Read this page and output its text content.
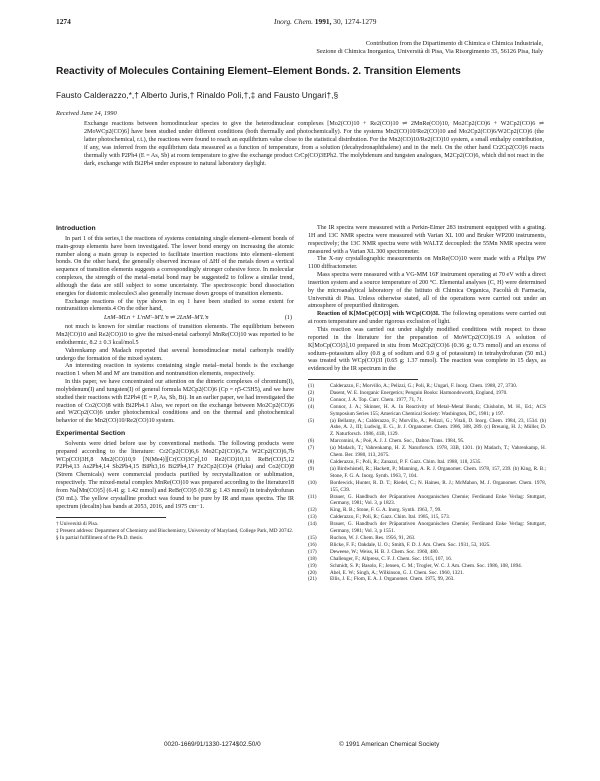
1274	Inorg. Chem. 1991, 30, 1274-1279
Contribution from the Dipartimento di Chimica e Chimica Industriale,
Sezione di Chimica Inorganica, Università di Pisa, Via Risorgimento 35, 56126 Pisa, Italy
Reactivity of Molecules Containing Element–Element Bonds. 2. Transition Elements
Fausto Calderazzo,*,† Alberto Juris,† Rinaldo Poli,†,‡ and Fausto Ungari†,§
Received June 14, 1990
Exchange reactions between homodinuclear species to give the heterodinuclear complexes [Mo2(CO)10 + Re2(CO)10 ⇌ 2MnRe(CO)10, Mo2Cp2(CO)6 + W2Cp2(CO)6 ⇌ 2MoWCp2(CO)6] have been studied under different conditions (both thermally and photochemically). For the systems Mn2(CO)10/Re2(CO)10 and Mo2Cp2(CO)6/W2Cp2(CO)6 (the latter photochemical, r.t.), the reactions were found to reach an equilibrium value close to the statistical distribution. For the Mn2(CO)10/Re2(CO)10 system, a small enthalpy contribution, if any, was inferred from the equilibrium data measured as a function of temperature, from a solution (decahydronaphthalene) and in the melt. On the other hand Cr2Cp2(CO)6 reacts thermally with P2Ph4 (E = As, Sb) at room temperature to give the exchange product CrCp(CO)3EPh2. The molybdenum and tungsten analogues, M2Cp2(CO)6, which did not react in the dark, exchange with Bi2Ph4 under exposure to natural laboratory daylight.
Introduction

In part 1 of this series,1 the reactions of systems containing single element–element bonds of main-group elements have been investigated. The lower bond energy on increasing the atomic number along a main group is expected to facilitate insertion reactions into element–element bonds. On the other hand, the generally observed increase of ΔHf of the metals down a vertical sequence of transition elements suggests a correspondingly stronger cohesive force. In molecular complexes, the strength of the metal–metal bond may be suggested2 to follow a similar trend, although the data are still subject to some uncertainty. The spectroscopic bond dissociation energies for diatomic molecules3 also generally increase down groups of transition elements.

Exchange reactions of the type shown in eq 1 have been studied to some extent for nontransition elements.4 On the other hand,

LnM–MLn + L′nM′–M′L′n ⇌ 2LnM–M′L′n	(1)

not much is known for similar reactions of transition elements. The equilibrium between Mn2(CO)10 and Re2(CO)10 to give the mixed-metal carbonyl MnRe(CO)10 was reported to be endothermic, 8.2 ± 0.3 kcal/mol.5

Vahrenkamp and Madach reported that several homodinuclear metal carbonyls readily undergo the formation of the mixed system.

An interesting reaction in systems containing single metal–metal bonds is the exchange reaction 1 when M and M′ are transition and nontransition elements, respectively.

In this paper, we have concentrated our attention on the dimeric complexes of chromium(I), molybdenum(I) and tungsten(I) of general formula M2Cp2(CO)6 (Cp = η5-C5H5), and we have studied their reactions with E2Ph4 (E = P, As, Sb, Bi). In an earlier paper, we had investigated the reaction of Co2(CO)8 with Bi2Ph4.1 Also, we report on the exchange between Mo2Cp2(CO)6 and W2Cp2(CO)6 under photochemical conditions and on the thermal and photochemical behavior of the Mn2(CO)10/Re2(CO)10 system.

Experimental Section

Solvents were dried before use by conventional methods. The following products were prepared according to the literature: Cr2Cp2(CO)6,6 Mo2Cp2(CO)6,7a W2Cp2(CO)6,7b WCp(CO)3H,8 Mn2(CO)10,9 [N(Me4)][Cr(CO)3Cp],10 Re2(CO)10,11 ReBr(CO)5,12 P2Ph4,13 As2Ph4,14 Sb2Ph4,15 BiPh3,16 Bi2Ph4,17 Fe2Cp2(CO)4 (Fluka) and Co2(CO)8 (Strem Chemicals) were commercial products purified by recrystallization or sublimation, respectively. The mixed-metal complex MnRe(CO)10 was prepared according to the literature18 from Na[Mn(CO)5] (6.41 g; 1.42 mmol) and ReBr(CO)5 (0.58 g; 1.43 mmol) in tetrahydrofuran (50 mL). The yellow crystalline product was found to be pure by IR and mass spectra. The IR spectrum (decalin) has bands at 2053, 2016, and 1975 cm−1.

† Università di Pisa.
‡ Present address: Department of Chemistry and Biochemistry, University of Maryland, College Park, MD 20742.
§ In partial fulfillment of the Ph.D. thesis.

The IR spectra were measured with a Perkin-Elmer 283 instrument equipped with a grating. 1H and 13C NMR spectra were measured with Varian XL 100 and Bruker WP200 instruments, respectively; the 13C NMR spectra were with WALTZ decoupled: the 55Mn NMR spectra were measured with a Varian XL 300 spectrometer.

The X-ray crystallographic measurements on MnRe(CO)10 were made with a Philips PW 1100 diffractometer.

Mass spectra were measured with a VG-MM 16F instrument operating at 70 eV with a direct insertion system and a source temperature of 200 °C. Elemental analyses (C, H) were determined by the microanalytical laboratory of the Istituto di Chimica Organica, Facoltà di Farmacia, Università di Pisa. Unless otherwise stated, all of the operations were carried out under an atmosphere of prepurified dinitrogen.

Reaction of K[MoCp(CO)3] with WCp(CO)3I. The following operations were carried out at room temperature and under rigorous exclusion of light.

This reaction was carried out under slightly modified conditions with respect to those reported in the literature for the preparation of MoWCp2(CO)6.19 A solution of K[MoCp(CO)3],10 prepared in situ from Mo2Cp2(CO)6 (0.36 g; 0.73 mmol) and an excess of sodium–potassium alloy (0.8 g of sodium and 0.9 g of potassium) in tetrahydrofuran (50 mL) was treated with WCp(CO)3I (0.65 g; 1.37 mmol). The reaction was complete in 15 days, as evidenced by the IR spectrum in the

(1)	Calderazzo, F.; Morvillo, A.; Pelizzi, G.; Poli, R.; Ungari, F. Inorg. Chem. 1988, 27, 3730.
(2)	Dasent, W. E. Inorganic Energetics; Penguin Books: Harmondsworth, England, 1970.
(3)	Connor, J. A. Top. Curr. Chem. 1977, 71, 71.
(4)	Connor, J. A.; Skinner, H. A. In Reactivity of Metal–Metal Bonds; Chisholm, M. H., Ed.; ACS Symposium Series 155; American Chemical Society: Washington, DC, 1981; p 197.
(5)	(a) Bellamy, A.; Calderazzo, F.; Morvillo, A.; Pelizzi, G.; Vitali, D. Inorg. Chem. 1984, 23, 1534. (b) Ashe, A. J., III; Ludwig, E. G., Jr. J. Organomet. Chem. 1986, 308, 289. (c) Breunig, H. J.; Müller, D. Z. Naturforsch. 1986, 41B, 1129.
(6)	Marcomini, A.; Poë, A. J. J. Chem. Soc., Dalton Trans. 1984, 95.
(7)	(a) Madach, T.; Vahrenkamp, H. Z. Naturforsch. 1978, 33B, 1301. (b) Madach, T.; Vahrenkamp, H. Chem. Ber. 1980, 113, 2675.
(8)	Calderazzo, F.; Poli, R.; Zanazzi, P. F. Gazz. Chim. Ital. 1988, 118, 2535.
(9)	(a) Birdwhistell, R.; Hackett, P.; Manning, A. R. J. Organomet. Chem. 1978, 157, 239. (b) King, R. B.; Stone, F. G. A. Inorg. Synth. 1963, 7, 104.
(10)	Bordewick, Hunter, R. D. T.; Riedel, C.; N. Haines, R. J.; McMahon, M. J. Organomet. Chem. 1978, 155, C39.
(11)	Brauer, G. Handbuch der Präparativen Anorganischen Chemie; Ferdinand Enke Verlag: Stuttgart, Germany, 1981; Vol. 3, p 1823.
(12)	King, R. B.; Stone, F. G. A. Inorg. Synth. 1963, 7, 99.
(13)	Calderazzo, F.; Poli, R.; Gazz. Chim. Ital. 1985, 115, 573.
(14)	Brauer, G. Handbuch der Präparativen Anorganischen Chemie; Ferdinand Enke Verlag: Stuttgart, Germany, 1981; Vol. 3, p 1551.
(15)	Ruchon, W. J. Chem. Res. 1956, 91, 263.
(16)	Blicke, F. F.; Oakdale, U. O.; Smith, F. D. J. Am. Chem. Soc. 1931, 53, 1025.
(17)	Deweese, W.; Weiss, H. B. J. Chem. Soc. 1960, 480.
(18)	Challenger, F.; Allpress, C. F. J. Chem. Soc. 1915, 107, 16.
(19)	Schmidt, S. P.; Basolo, F.; Jensen, C. M.; Trogler, W. C. J. Am. Chem. Soc. 1986, 108, 1894.
(20)	Abel, E. W.; Singh, A.; Wilkinson, G. J. Chem. Soc. 1960, 1321.
(21)	Ellis, J. E.; Flom, E. A. J. Organomet. Chem. 1975, 99, 263.
0020-1669/91/1330-1274$02.50/0	© 1991 American Chemical Society
